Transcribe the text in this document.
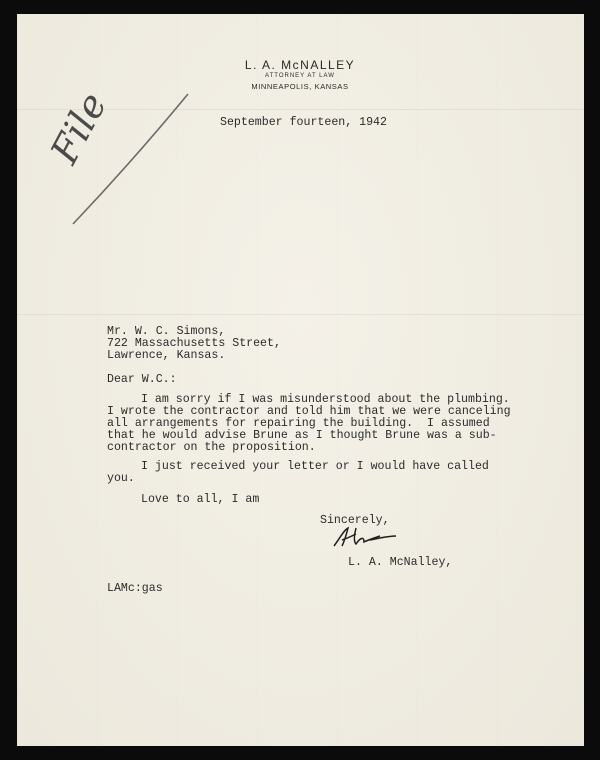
L. A. McNALLEY
ATTORNEY AT LAW
MINNEAPOLIS, KANSAS
September fourteen, 1942
File
Mr. W. C. Simons,
722 Massachusetts Street,
Lawrence, Kansas.
Dear W.C.:
I am sorry if I was misunderstood about the plumbing.
I wrote the contractor and told him that we were canceling
all arrangements for repairing the building.  I assumed
that he would advise Brune as I thought Brune was a sub-
contractor on the proposition.
I just received your letter or I would have called
you.
Love to all, I am
Sincerely,
L. A. McNalley,
LAMc:gas
